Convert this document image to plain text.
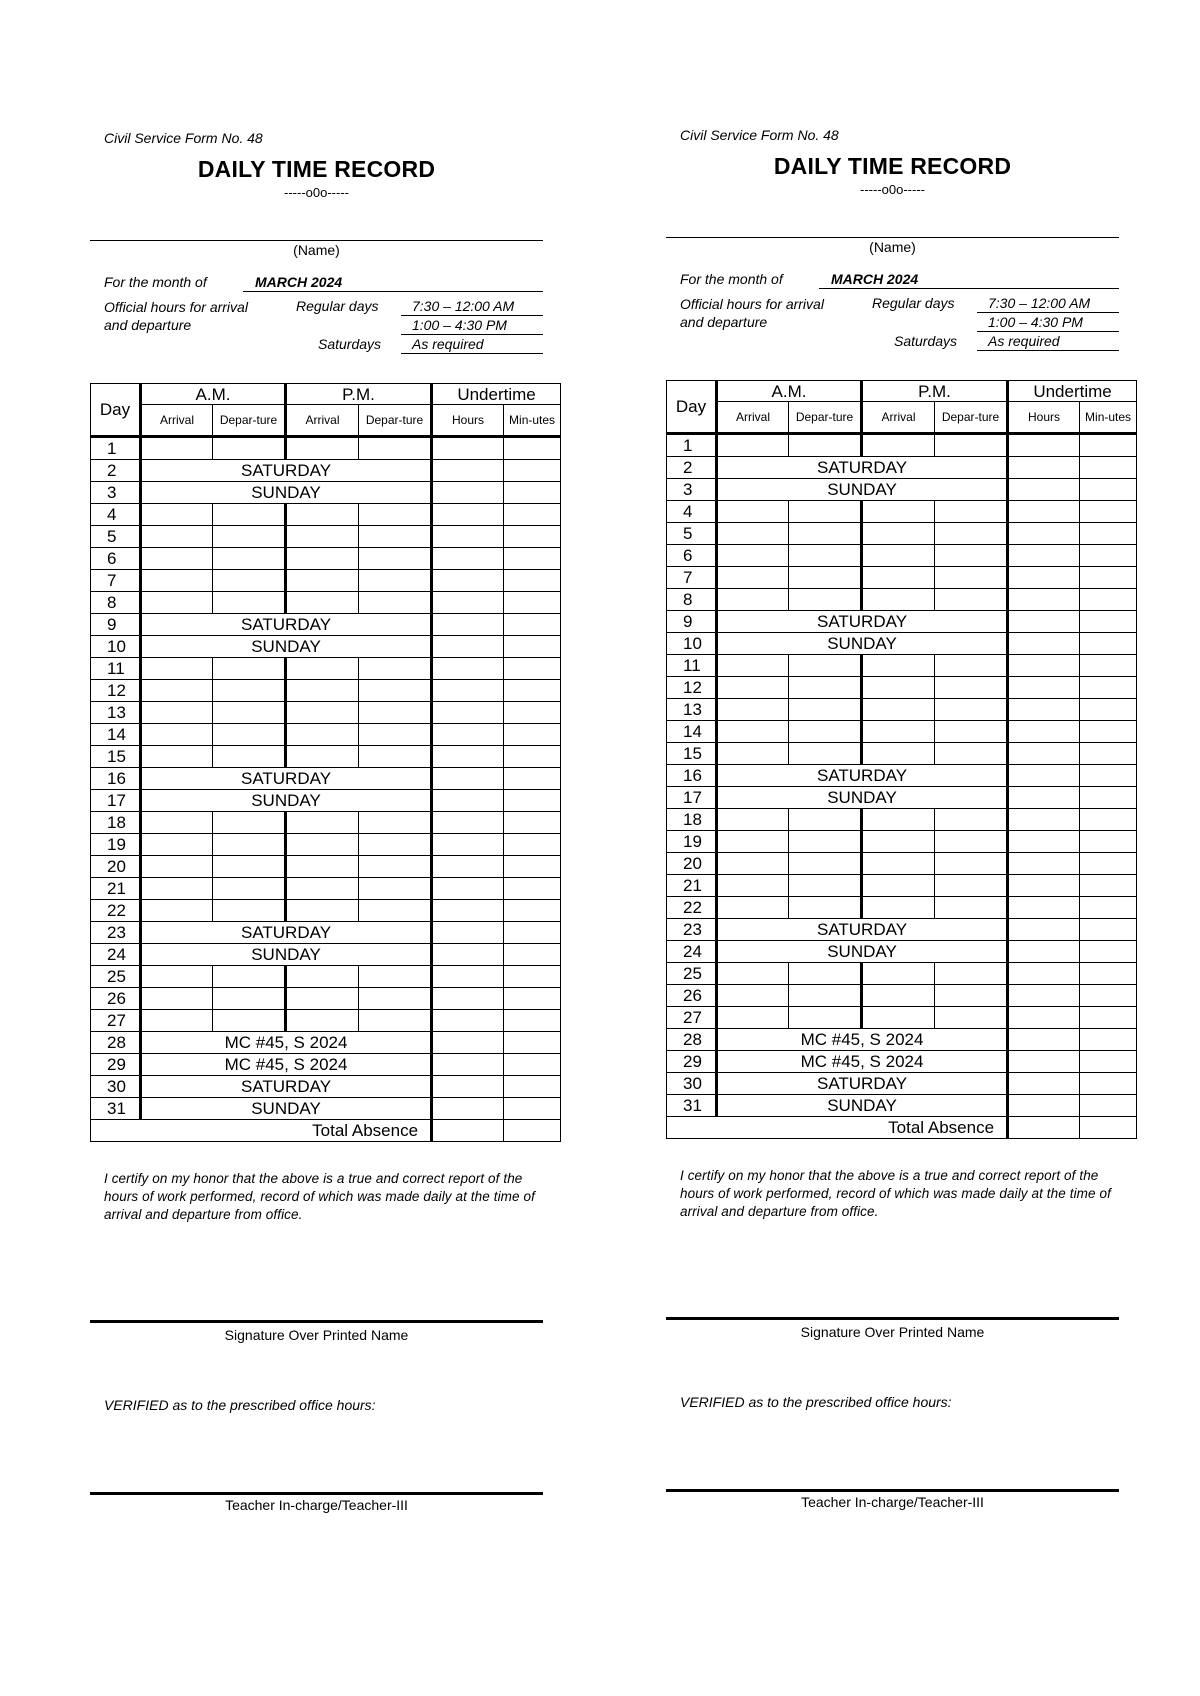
Civil Service Form No. 48
DAILY TIME RECORD
-----o0o-----
(Name)
For the month of	MARCH 2024
Official hours for arrival and departure
Regular days	7:30 – 12:00 AM
1:00 – 4:30 PM
Saturdays	As required
Day	A.M.		P.M.		Undertime	
	Arrival	Depar-ture	Arrival	Depar-ture	Hours	Min-utes
1						
2	SATURDAY					
3	SUNDAY					
4						
5						
6						
7						
8						
9	SATURDAY					
10	SUNDAY					
11						
12						
13						
14						
15						
16	SATURDAY					
17	SUNDAY					
18						
19						
20						
21						
22						
23	SATURDAY					
24	SUNDAY					
25						
26						
27						
28	MC #45, S 2024					
29	MC #45, S 2024					
30	SATURDAY					
31	SUNDAY					
Total Absence						
I certify on my honor that the above is a true and correct report of the hours of work performed, record of which was made daily at the time of arrival and departure from office.
Signature Over Printed Name
VERIFIED as to the prescribed office hours:
Teacher In-charge/Teacher-III
Civil Service Form No. 48
DAILY TIME RECORD
-----o0o-----
(Name)
For the month of	MARCH 2024
Official hours for arrival and departure
Regular days	7:30 – 12:00 AM
1:00 – 4:30 PM
Saturdays	As required
Day	A.M.		P.M.		Undertime	
	Arrival	Depar-ture	Arrival	Depar-ture	Hours	Min-utes
1						
2	SATURDAY					
3	SUNDAY					
4						
5						
6						
7						
8						
9	SATURDAY					
10	SUNDAY					
11						
12						
13						
14						
15						
16	SATURDAY					
17	SUNDAY					
18						
19						
20						
21						
22						
23	SATURDAY					
24	SUNDAY					
25						
26						
27						
28	MC #45, S 2024					
29	MC #45, S 2024					
30	SATURDAY					
31	SUNDAY					
Total Absence						
I certify on my honor that the above is a true and correct report of the hours of work performed, record of which was made daily at the time of arrival and departure from office.
Signature Over Printed Name
VERIFIED as to the prescribed office hours:
Teacher In-charge/Teacher-III
